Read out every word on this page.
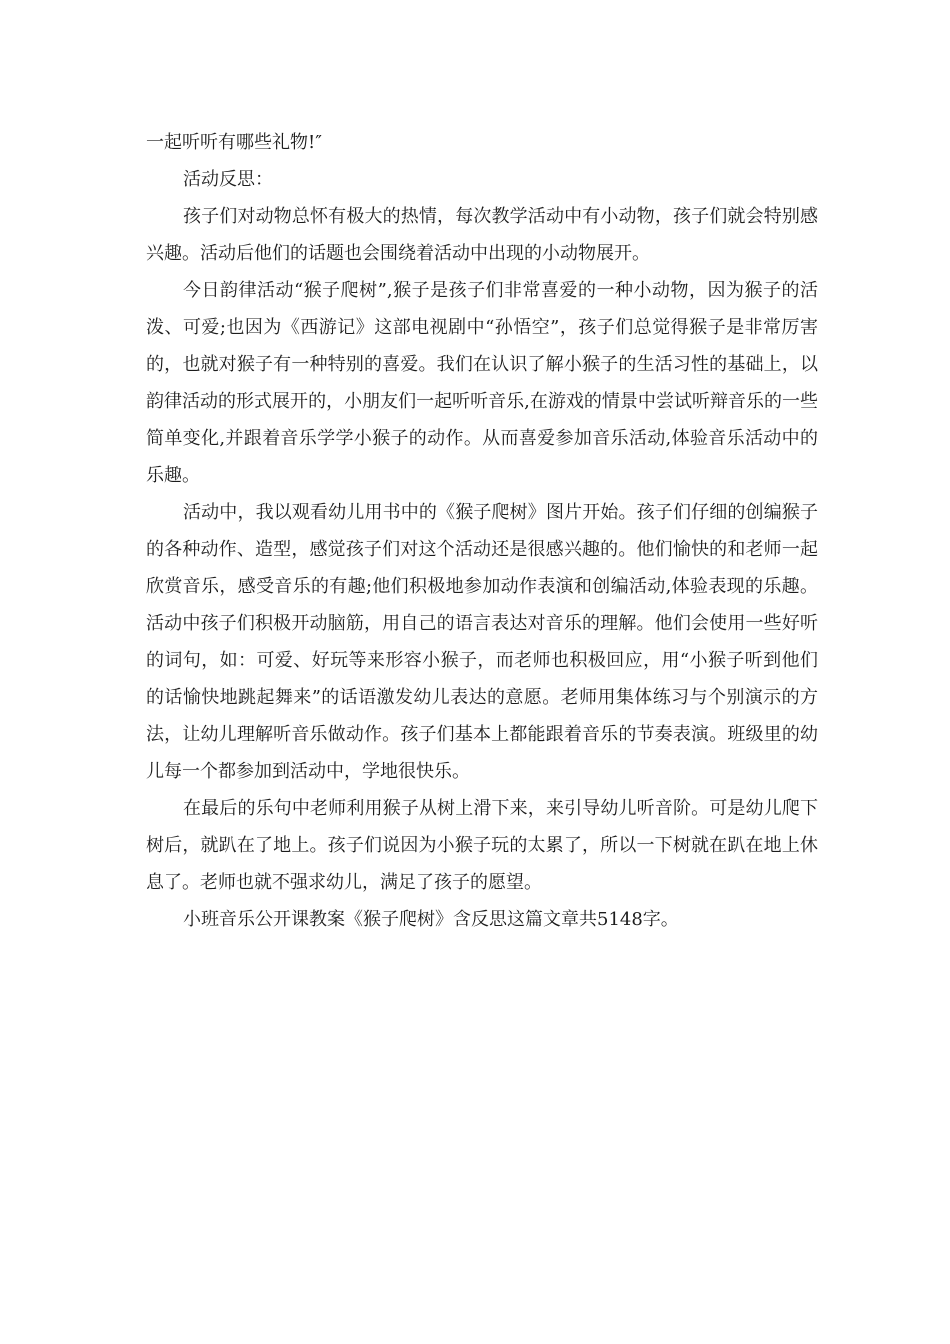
一起听听有哪些礼物!″

活动反思：

孩子们对动物总怀有极大的热情，每次教学活动中有小动物，孩子们就会特别感兴趣。活动后他们的话题也会围绕着活动中出现的小动物展开。

今日韵律活动“猴子爬树”,猴子是孩子们非常喜爱的一种小动物，因为猴子的活泼、可爱;也因为《西游记》这部电视剧中“孙悟空”，孩子们总觉得猴子是非常厉害的，也就对猴子有一种特别的喜爱。我们在认识了解小猴子的生活习性的基础上，以韵律活动的形式展开的，小朋友们一起听听音乐,在游戏的情景中尝试听辩音乐的一些简单变化,并跟着音乐学学小猴子的动作。从而喜爱参加音乐活动,体验音乐活动中的乐趣。

活动中，我以观看幼儿用书中的《猴子爬树》图片开始。孩子们仔细的创编猴子的各种动作、造型，感觉孩子们对这个活动还是很感兴趣的。他们愉快的和老师一起欣赏音乐，感受音乐的有趣;他们积极地参加动作表演和创编活动,体验表现的乐趣。活动中孩子们积极开动脑筋，用自己的语言表达对音乐的理解。他们会使用一些好听的词句，如：可爱、好玩等来形容小猴子，而老师也积极回应，用“小猴子听到他们的话愉快地跳起舞来”的话语激发幼儿表达的意愿。老师用集体练习与个别演示的方法，让幼儿理解听音乐做动作。孩子们基本上都能跟着音乐的节奏表演。班级里的幼儿每一个都参加到活动中，学地很快乐。

在最后的乐句中老师利用猴子从树上滑下来，来引导幼儿听音阶。可是幼儿爬下树后，就趴在了地上。孩子们说因为小猴子玩的太累了，所以一下树就在趴在地上休息了。老师也就不强求幼儿，满足了孩子的愿望。

小班音乐公开课教案《猴子爬树》含反思这篇文章共5148字。
